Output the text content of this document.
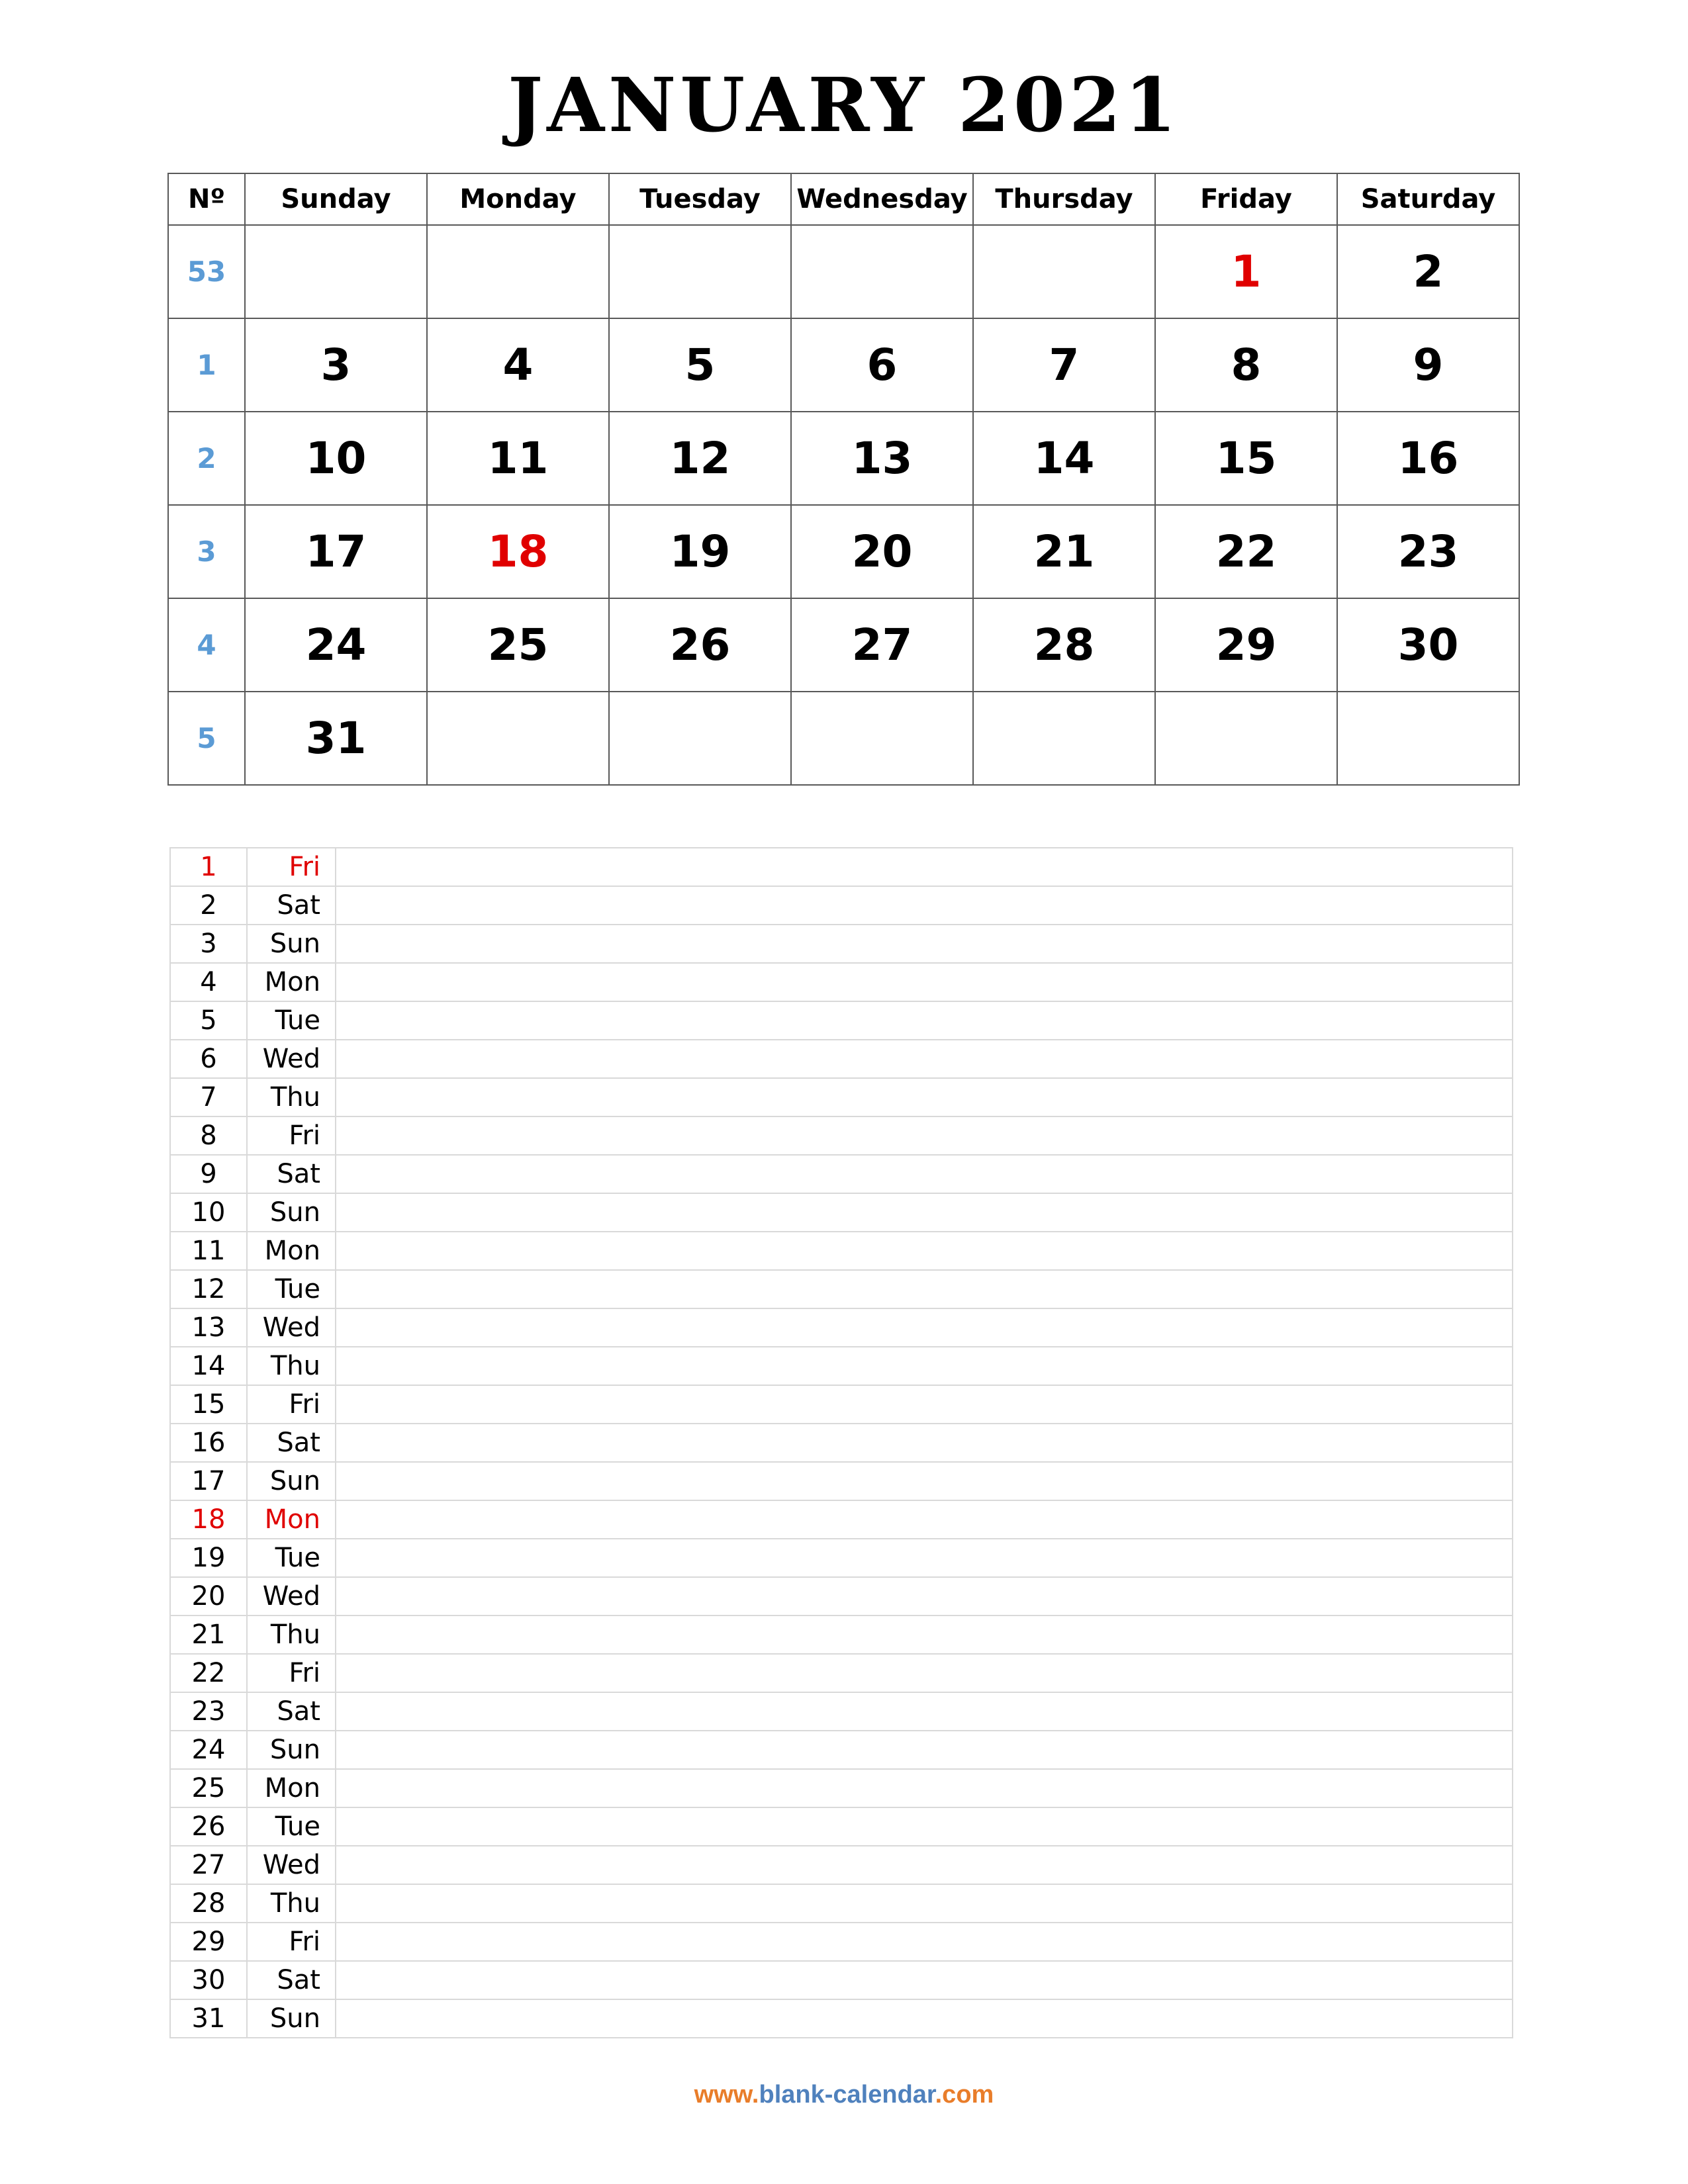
JANUARY 2021
Nº	Sunday	Monday	Tuesday	Wednesday	Thursday	Friday	Saturday
53						1	2
1	3	4	5	6	7	8	9
2	10	11	12	13	14	15	16
3	17	18	19	20	21	22	23
4	24	25	26	27	28	29	30
5	31						
1	Fri	
2	Sat	
3	Sun	
4	Mon	
5	Tue	
6	Wed	
7	Thu	
8	Fri	
9	Sat	
10	Sun	
11	Mon	
12	Tue	
13	Wed	
14	Thu	
15	Fri	
16	Sat	
17	Sun	
18	Mon	
19	Tue	
20	Wed	
21	Thu	
22	Fri	
23	Sat	
24	Sun	
25	Mon	
26	Tue	
27	Wed	
28	Thu	
29	Fri	
30	Sat	
31	Sun	
www.blank-calendar.com
